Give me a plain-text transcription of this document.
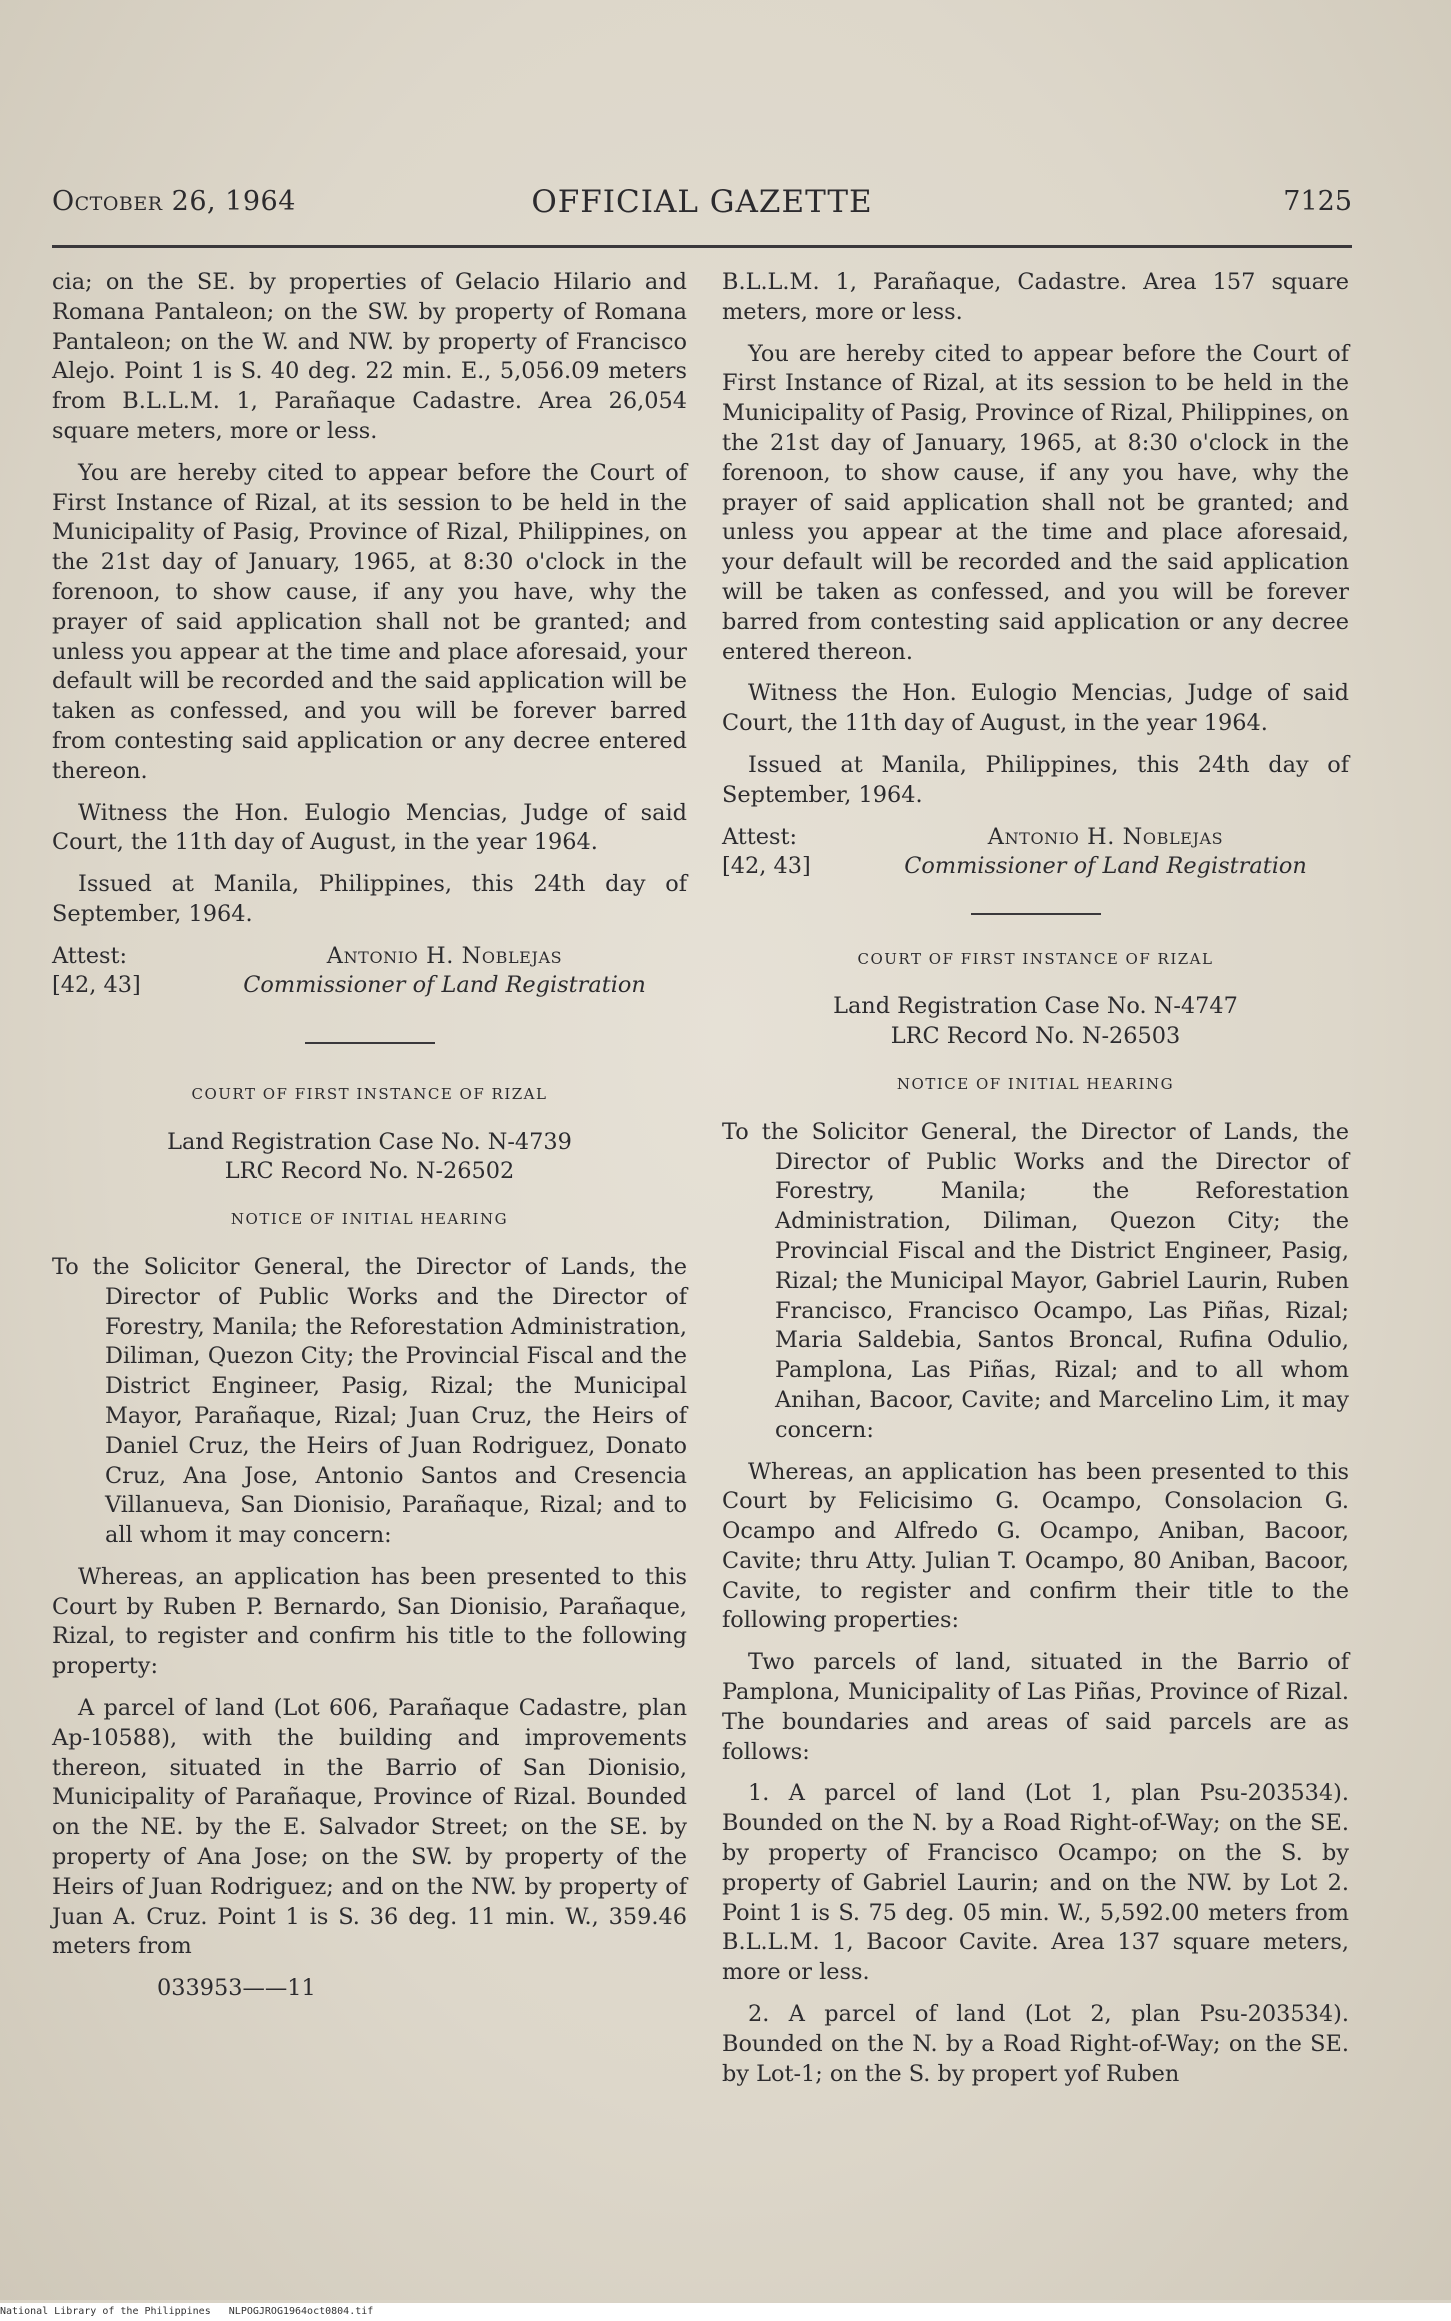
October 26, 1964	OFFICIAL GAZETTE	7125

cia; on the SE. by properties of Gelacio Hilario and Romana Pantaleon; on the SW. by property of Romana Pantaleon; on the W. and NW. by property of Francisco Alejo. Point 1 is S. 40 deg. 22 min. E., 5,056.09 meters from B.L.L.M. 1, Parañaque Cadastre. Area 26,054 square meters, more or less.

You are hereby cited to appear before the Court of First Instance of Rizal, at its session to be held in the Municipality of Pasig, Province of Rizal, Philippines, on the 21st day of January, 1965, at 8:30 o'clock in the forenoon, to show cause, if any you have, why the prayer of said application shall not be granted; and unless you appear at the time and place aforesaid, your default will be recorded and the said application will be taken as confessed, and you will be forever barred from contesting said application or any decree entered thereon.

Witness the Hon. Eulogio Mencias, Judge of said Court, the 11th day of August, in the year 1964.

Issued at Manila, Philippines, this 24th day of September, 1964.

Attest:
[42, 43]
Antonio H. Noblejas
Commissioner of Land Registration
COURT OF FIRST INSTANCE OF RIZAL
Land Registration Case No. N-4739
LRC Record No. N-26502
NOTICE OF INITIAL HEARING

To the Solicitor General, the Director of Lands, the Director of Public Works and the Director of Forestry, Manila; the Reforestation Administration, Diliman, Quezon City; the Provincial Fiscal and the District Engineer, Pasig, Rizal; the Municipal Mayor, Parañaque, Rizal; Juan Cruz, the Heirs of Daniel Cruz, the Heirs of Juan Rodriguez, Donato Cruz, Ana Jose, Antonio Santos and Cresencia Villanueva, San Dionisio, Parañaque, Rizal; and to all whom it may concern:

Whereas, an application has been presented to this Court by Ruben P. Bernardo, San Dionisio, Parañaque, Rizal, to register and confirm his title to the following property:

A parcel of land (Lot 606, Parañaque Cadastre, plan Ap-10588), with the building and improvements thereon, situated in the Barrio of San Dionisio, Municipality of Parañaque, Province of Rizal. Bounded on the NE. by the E. Salvador Street; on the SE. by property of Ana Jose; on the SW. by property of the Heirs of Juan Rodriguez; and on the NW. by property of Juan A. Cruz. Point 1 is S. 36 deg. 11 min. W., 359.46 meters from

033953——11

B.L.L.M. 1, Parañaque, Cadastre. Area 157 square meters, more or less.

You are hereby cited to appear before the Court of First Instance of Rizal, at its session to be held in the Municipality of Pasig, Province of Rizal, Philippines, on the 21st day of January, 1965, at 8:30 o'clock in the forenoon, to show cause, if any you have, why the prayer of said application shall not be granted; and unless you appear at the time and place aforesaid, your default will be recorded and the said application will be taken as confessed, and you will be forever barred from contesting said application or any decree entered thereon.

Witness the Hon. Eulogio Mencias, Judge of said Court, the 11th day of August, in the year 1964.

Issued at Manila, Philippines, this 24th day of September, 1964.

Attest:
[42, 43]
Antonio H. Noblejas
Commissioner of Land Registration
COURT OF FIRST INSTANCE OF RIZAL
Land Registration Case No. N-4747
LRC Record No. N-26503
NOTICE OF INITIAL HEARING

To the Solicitor General, the Director of Lands, the Director of Public Works and the Director of Forestry, Manila; the Reforestation Administration, Diliman, Quezon City; the Provincial Fiscal and the District Engineer, Pasig, Rizal; the Municipal Mayor, Gabriel Laurin, Ruben Francisco, Francisco Ocampo, Las Piñas, Rizal; Maria Saldebia, Santos Broncal, Rufina Odulio, Pamplona, Las Piñas, Rizal; and to all whom Anihan, Bacoor, Cavite; and Marcelino Lim, it may concern:

Whereas, an application has been presented to this Court by Felicisimo G. Ocampo, Consolacion G. Ocampo and Alfredo G. Ocampo, Aniban, Bacoor, Cavite; thru Atty. Julian T. Ocampo, 80 Aniban, Bacoor, Cavite, to register and confirm their title to the following properties:

Two parcels of land, situated in the Barrio of Pamplona, Municipality of Las Piñas, Province of Rizal. The boundaries and areas of said parcels are as follows:

1. A parcel of land (Lot 1, plan Psu-203534). Bounded on the N. by a Road Right-of-Way; on the SE. by property of Francisco Ocampo; on the S. by property of Gabriel Laurin; and on the NW. by Lot 2. Point 1 is S. 75 deg. 05 min. W., 5,592.00 meters from B.L.L.M. 1, Bacoor Cavite. Area 137 square meters, more or less.

2. A parcel of land (Lot 2, plan Psu-203534). Bounded on the N. by a Road Right-of-Way; on the SE. by Lot-1; on the S. by propert yof Ruben

National Library of the Philippines NLPOGJROG1964oct0804.tif
